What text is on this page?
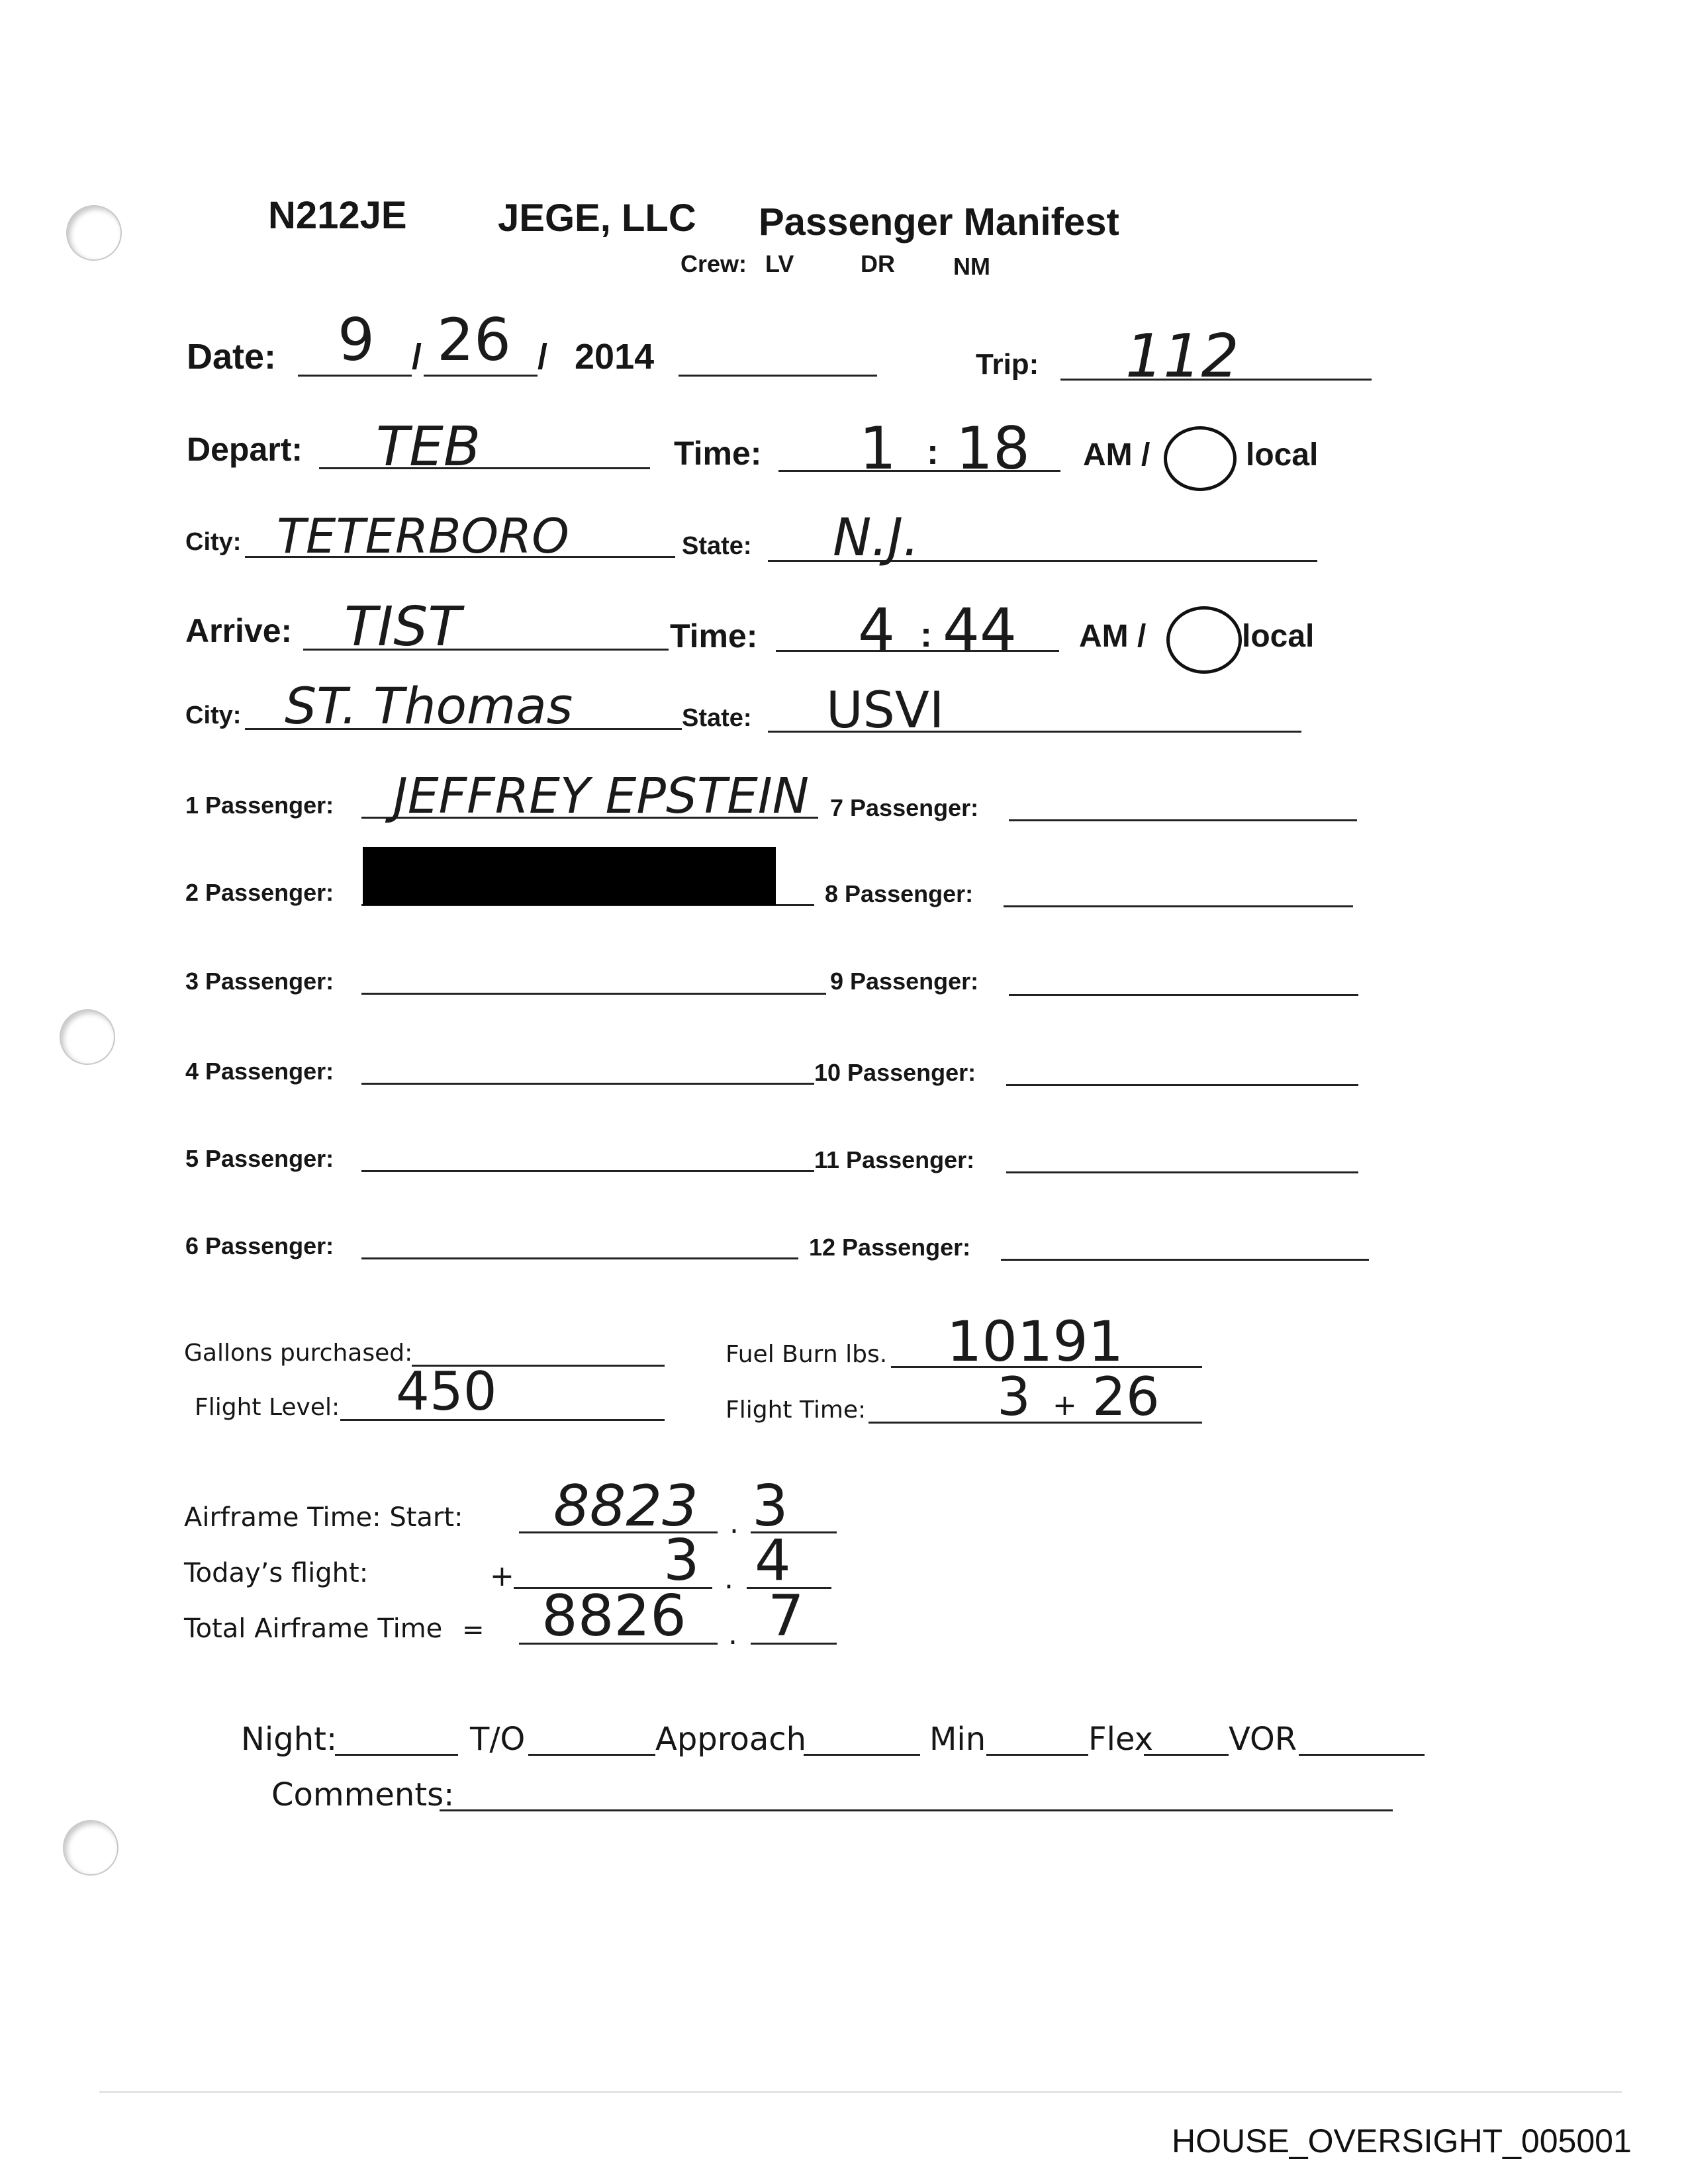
N212JE JEGE, LLC Passenger Manifest
Crew: LV	DR NM
Date: 9 / 26 / 2014	Trip: 112
Depart: TEB	Time: 1 : 18 AM /	local
City: TETERBORO	State: N.J.
Arrive: TIST	Time: 4 : 44 AM /	local
City: ST. Thomas	State: USVI
1 Passenger: JEFFREY EPSTEIN 7 Passenger:
2 Passenger:	8 Passenger:
3 Passenger:	9 Passenger:
4 Passenger:	10 Passenger:
5 Passenger:	11 Passenger:
6 Passenger:	12 Passenger:
Gallons purchased:	Fuel Burn lbs. 10191
Flight Level: 450	Flight Time: 3 + 26
Airframe Time: Start: 8823 . 3
Today’s flight:	+	3 . 4
Total Airframe Time = 8826 . 7
Night:	T/O	Approach	Min	Flex VOR
Comments:
HOUSE_OVERSIGHT_005001
